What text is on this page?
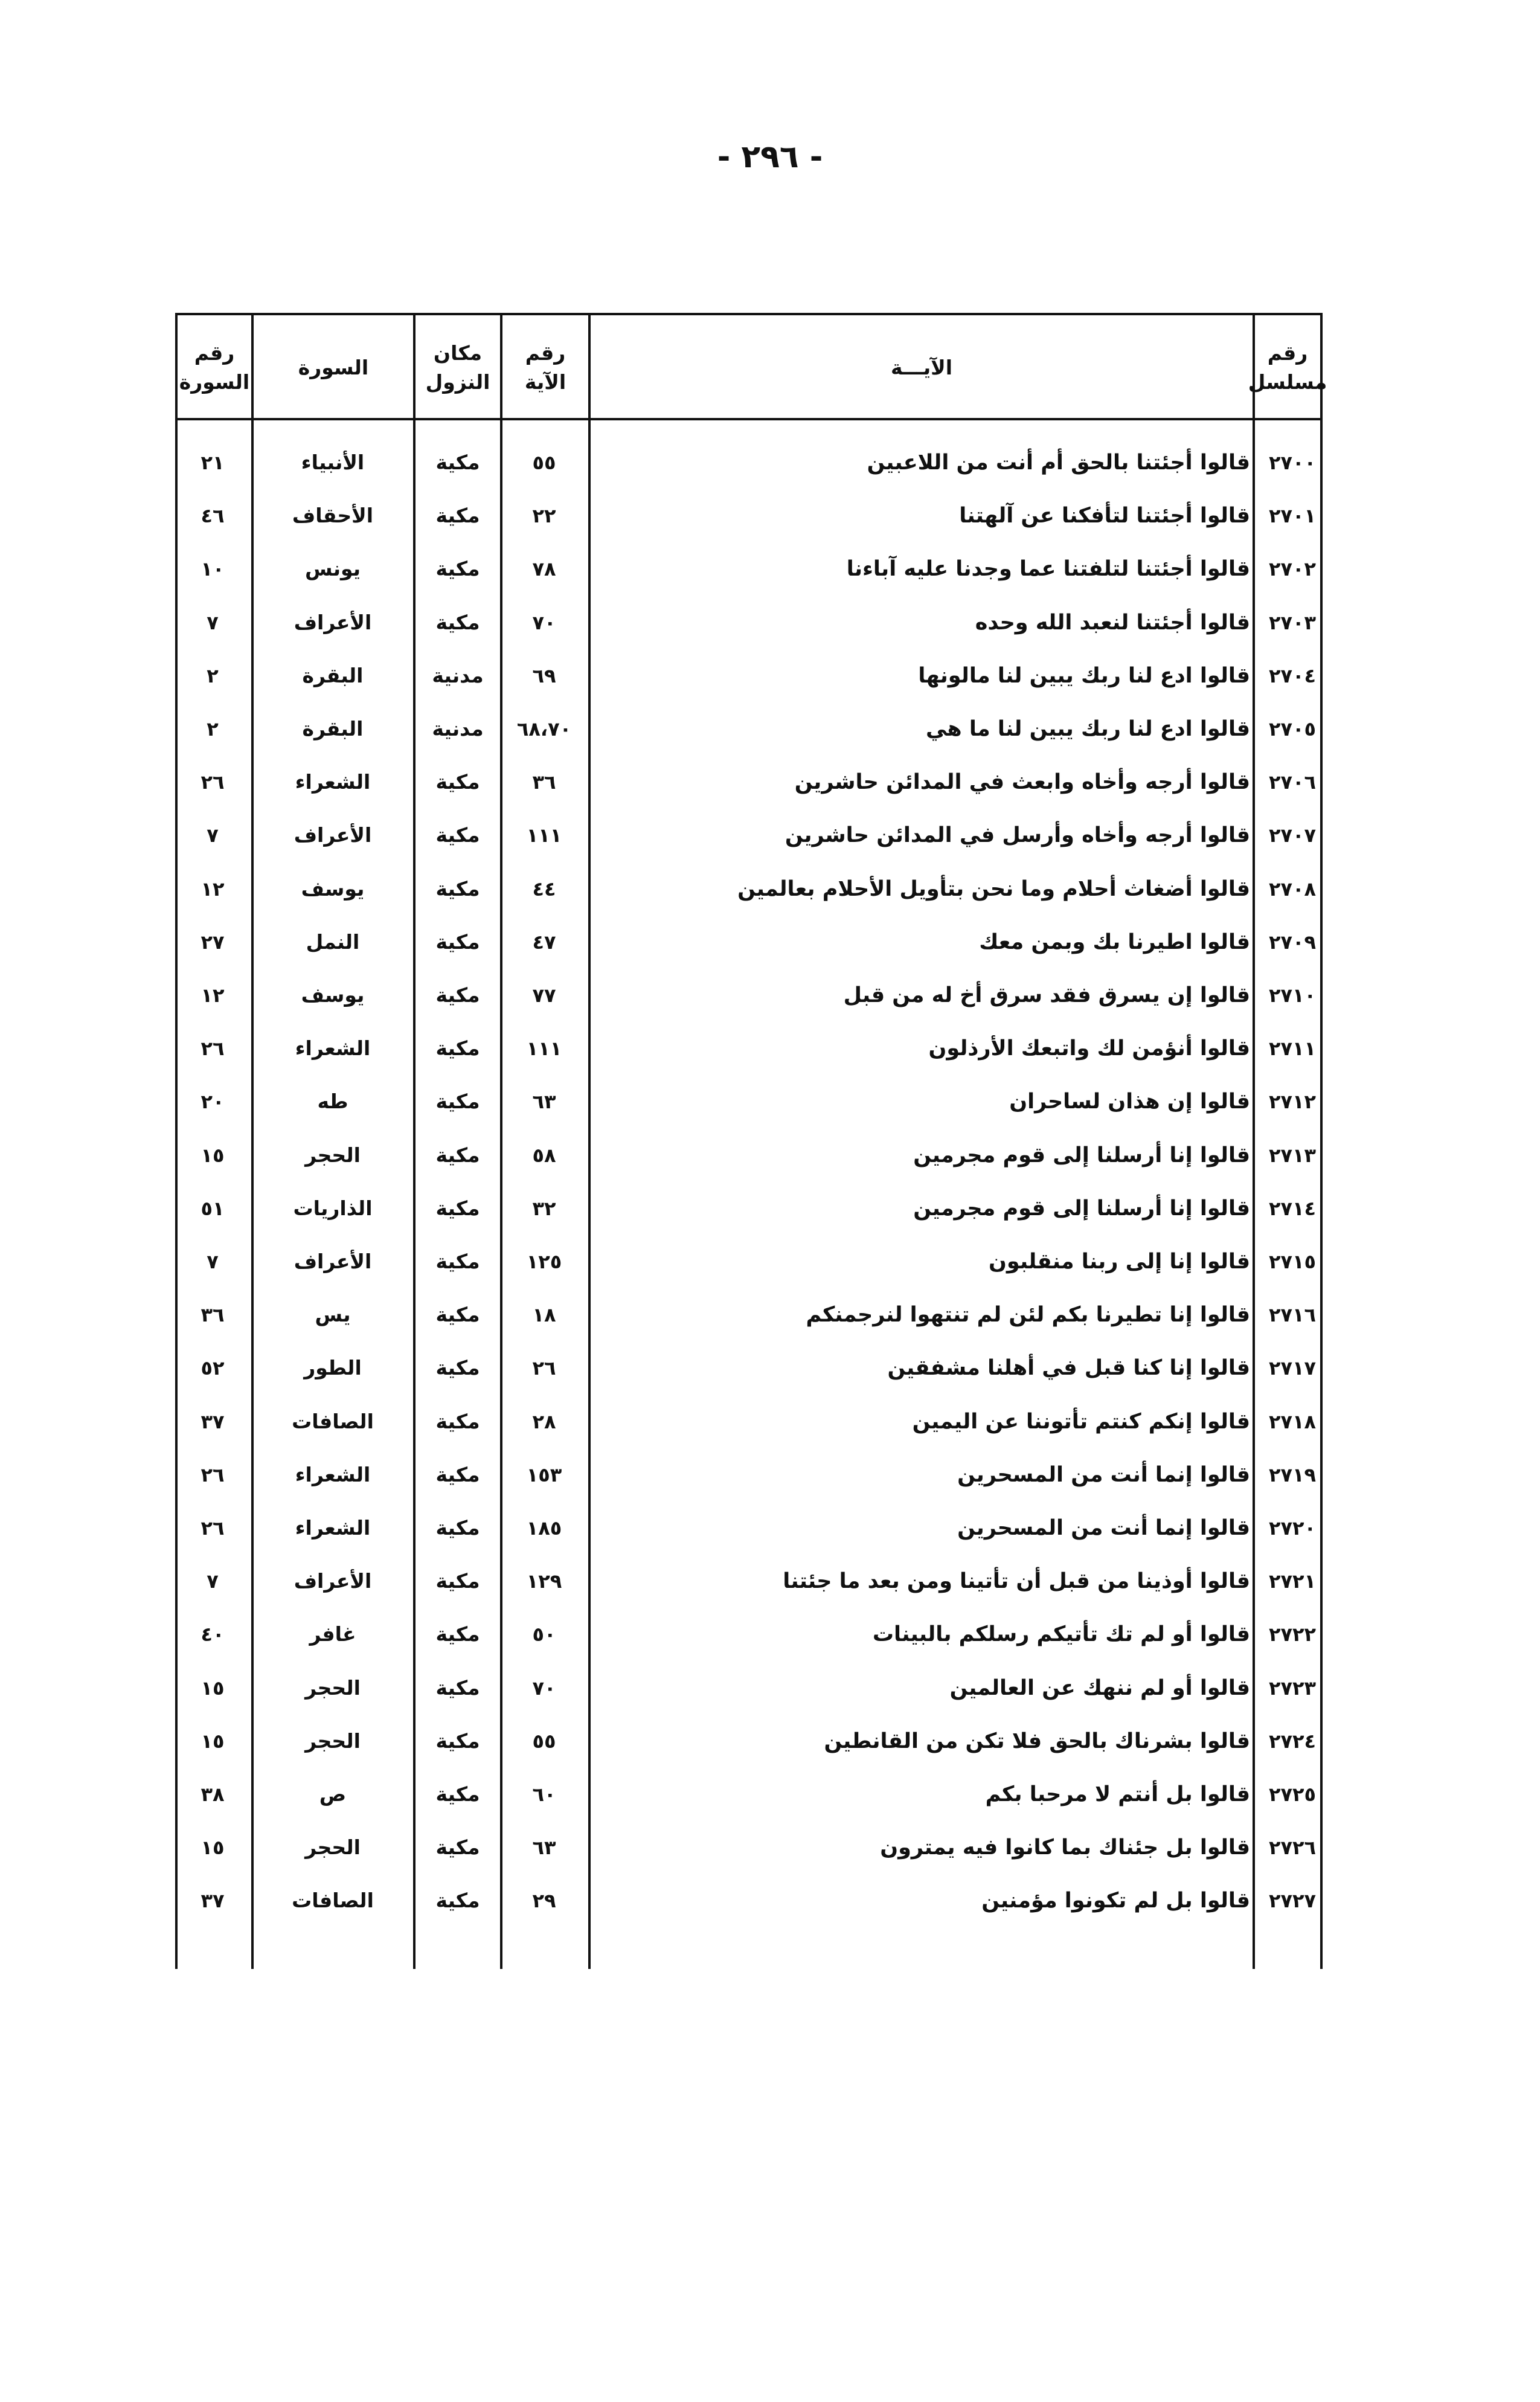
- ٢٩٦ -
رقم
مسلسل
الآيـــة
رقم
الآية
مكان
النزول
السورة
رقم
السورة
٢٧٠٠
قالوا أجئتنا بالحق أم أنت من اللاعبين
٥٥
مكية
الأنبياء
٢١
٢٧٠١
قالوا أجئتنا لتأفكنا عن آلهتنا
٢٢
مكية
الأحقاف
٤٦
٢٧٠٢
قالوا أجئتنا لتلفتنا عما وجدنا عليه آباءنا
٧٨
مكية
يونس
١٠
٢٧٠٣
قالوا أجئتنا لنعبد الله وحده
٧٠
مكية
الأعراف
٧
٢٧٠٤
قالوا ادع لنا ربك يبين لنا مالونها
٦٩
مدنية
البقرة
٢
٢٧٠٥
قالوا ادع لنا ربك يبين لنا ما هي
٦٨،٧٠
مدنية
البقرة
٢
٢٧٠٦
قالوا أرجه وأخاه وابعث في المدائن حاشرين
٣٦
مكية
الشعراء
٢٦
٢٧٠٧
قالوا أرجه وأخاه وأرسل في المدائن حاشرين
١١١
مكية
الأعراف
٧
٢٧٠٨
قالوا أضغاث أحلام وما نحن بتأويل الأحلام بعالمين
٤٤
مكية
يوسف
١٢
٢٧٠٩
قالوا اطيرنا بك وبمن معك
٤٧
مكية
النمل
٢٧
٢٧١٠
قالوا إن يسرق فقد سرق أخ له من قبل
٧٧
مكية
يوسف
١٢
٢٧١١
قالوا أنؤمن لك واتبعك الأرذلون
١١١
مكية
الشعراء
٢٦
٢٧١٢
قالوا إن هذان لساحران
٦٣
مكية
طه
٢٠
٢٧١٣
قالوا إنا أرسلنا إلى قوم مجرمين
٥٨
مكية
الحجر
١٥
٢٧١٤
قالوا إنا أرسلنا إلى قوم مجرمين
٣٢
مكية
الذاريات
٥١
٢٧١٥
قالوا إنا إلى ربنا منقلبون
١٢٥
مكية
الأعراف
٧
٢٧١٦
قالوا إنا تطيرنا بكم لئن لم تنتهوا لنرجمنكم
١٨
مكية
يس
٣٦
٢٧١٧
قالوا إنا كنا قبل في أهلنا مشفقين
٢٦
مكية
الطور
٥٢
٢٧١٨
قالوا إنكم كنتم تأتوننا عن اليمين
٢٨
مكية
الصافات
٣٧
٢٧١٩
قالوا إنما أنت من المسحرين
١٥٣
مكية
الشعراء
٢٦
٢٧٢٠
قالوا إنما أنت من المسحرين
١٨٥
مكية
الشعراء
٢٦
٢٧٢١
قالوا أوذينا من قبل أن تأتينا ومن بعد ما جئتنا
١٢٩
مكية
الأعراف
٧
٢٧٢٢
قالوا أو لم تك تأتيكم رسلكم بالبينات
٥٠
مكية
غافر
٤٠
٢٧٢٣
قالوا أو لم ننهك عن العالمين
٧٠
مكية
الحجر
١٥
٢٧٢٤
قالوا بشرناك بالحق فلا تكن من القانطين
٥٥
مكية
الحجر
١٥
٢٧٢٥
قالوا بل أنتم لا مرحبا بكم
٦٠
مكية
ص
٣٨
٢٧٢٦
قالوا بل جئناك بما كانوا فيه يمترون
٦٣
مكية
الحجر
١٥
٢٧٢٧
قالوا بل لم تكونوا مؤمنين
٢٩
مكية
الصافات
٣٧
